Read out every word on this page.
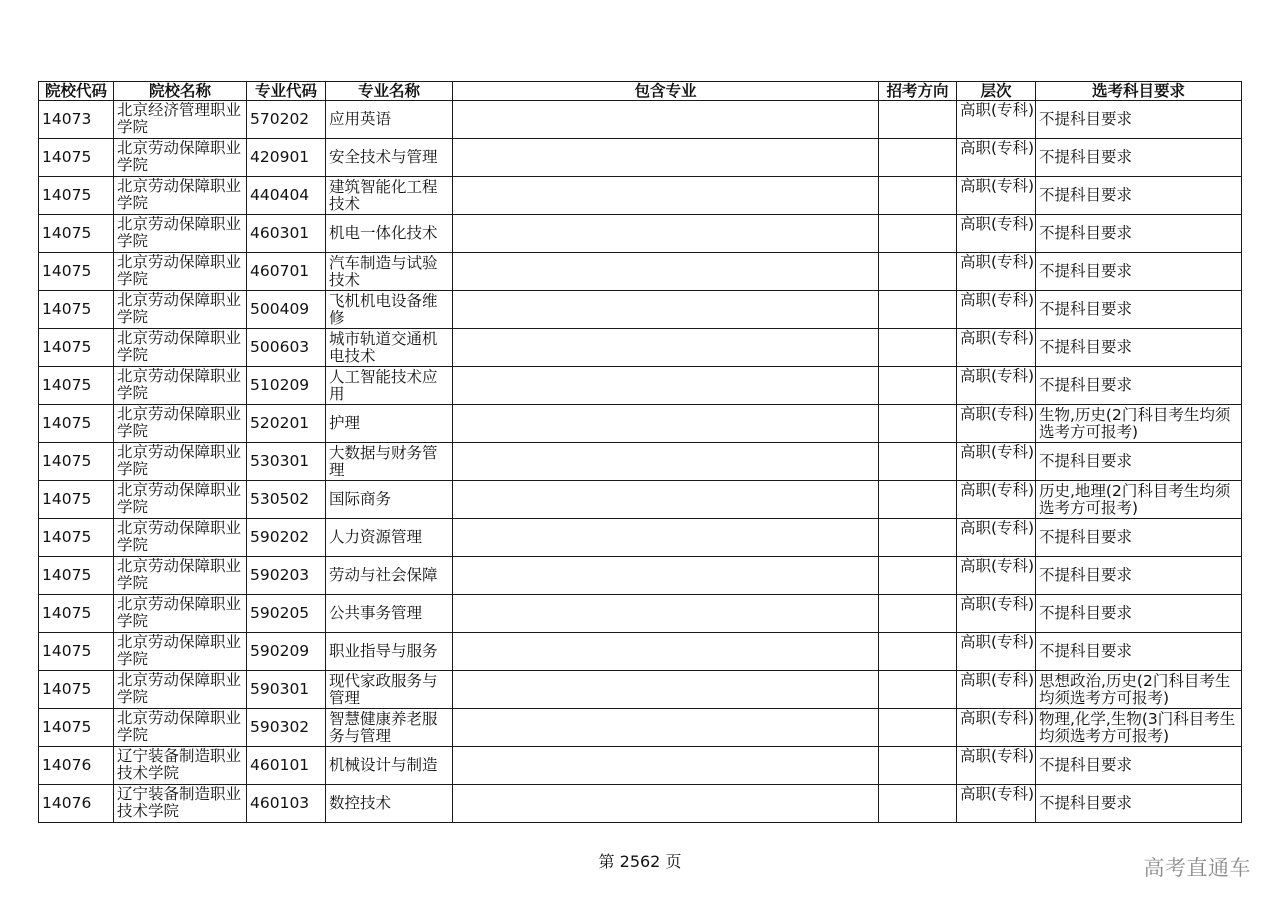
院校代码	院校名称	专业代码	专业名称	包含专业	招考方向	层次	选考科目要求
14073	北京经济管理职业学院	570202	应用英语			高职(专科)	不提科目要求
14075	北京劳动保障职业学院	420901	安全技术与管理			高职(专科)	不提科目要求
14075	北京劳动保障职业学院	440404	建筑智能化工程技术			高职(专科)	不提科目要求
14075	北京劳动保障职业学院	460301	机电一体化技术			高职(专科)	不提科目要求
14075	北京劳动保障职业学院	460701	汽车制造与试验技术			高职(专科)	不提科目要求
14075	北京劳动保障职业学院	500409	飞机机电设备维修			高职(专科)	不提科目要求
14075	北京劳动保障职业学院	500603	城市轨道交通机电技术			高职(专科)	不提科目要求
14075	北京劳动保障职业学院	510209	人工智能技术应用			高职(专科)	不提科目要求
14075	北京劳动保障职业学院	520201	护理			高职(专科)	生物,历史(2门科目考生均须选考方可报考)
14075	北京劳动保障职业学院	530301	大数据与财务管理			高职(专科)	不提科目要求
14075	北京劳动保障职业学院	530502	国际商务			高职(专科)	历史,地理(2门科目考生均须选考方可报考)
14075	北京劳动保障职业学院	590202	人力资源管理			高职(专科)	不提科目要求
14075	北京劳动保障职业学院	590203	劳动与社会保障			高职(专科)	不提科目要求
14075	北京劳动保障职业学院	590205	公共事务管理			高职(专科)	不提科目要求
14075	北京劳动保障职业学院	590209	职业指导与服务			高职(专科)	不提科目要求
14075	北京劳动保障职业学院	590301	现代家政服务与管理			高职(专科)	思想政治,历史(2门科目考生均须选考方可报考)
14075	北京劳动保障职业学院	590302	智慧健康养老服务与管理			高职(专科)	物理,化学,生物(3门科目考生均须选考方可报考)
14076	辽宁装备制造职业技术学院	460101	机械设计与制造			高职(专科)	不提科目要求
14076	辽宁装备制造职业技术学院	460103	数控技术			高职(专科)	不提科目要求
第 2562 页	高考直通车
